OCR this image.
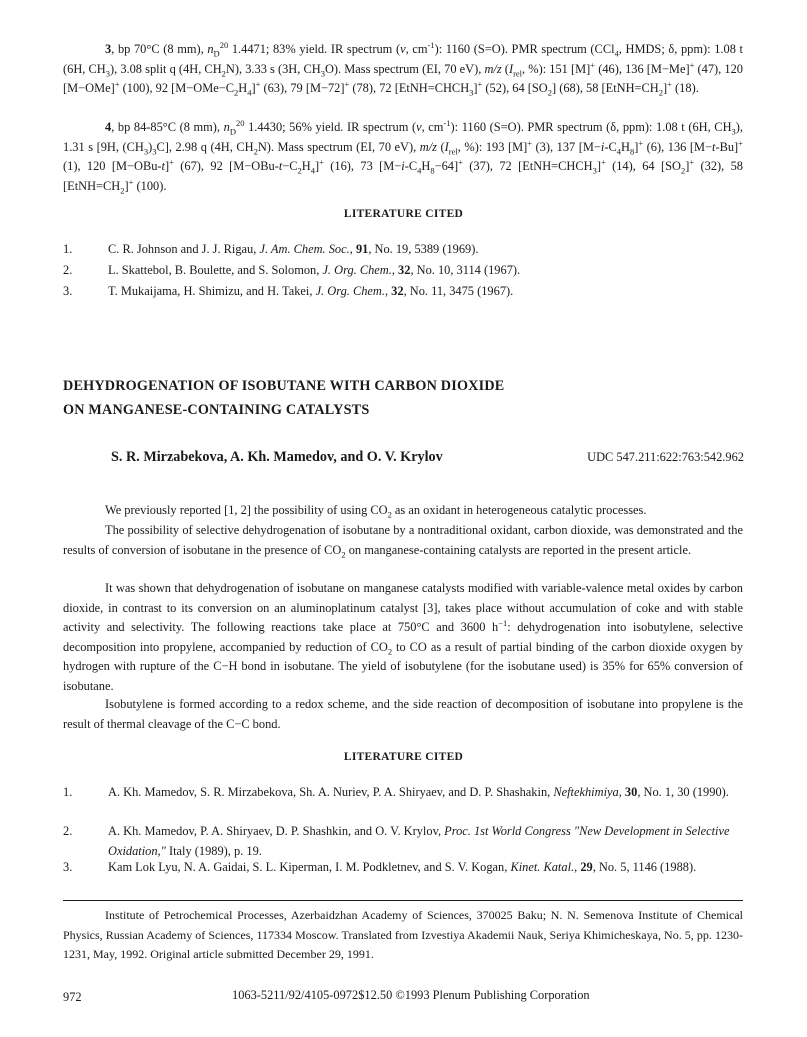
3, bp 70°C (8 mm), $n_D^{20}$ 1.4471; 83% yield. IR spectrum (ν, $cm^{-1}$): 1160 (S=O). PMR spectrum (CCl$_4$, HMDS; δ, ppm): 1.08 t (6H, $CH_3$), 3.08 split q (4H, $CH_2N$), 3.33 s (3H, $CH_3O$). Mass spectrum (EI, 70 eV), m/z ($I_{rel}$, %): 151 [M]+ (46), 136 [M−Me]+ (47), 120 [M−OMe]+ (100), 92 $[M-OMe-C_2H_4]^+$ (63), 79 [M−72]+ (78), 72 $[EtNH=CHCH_3]^+$ (52), 64 $[SO_2]$ (68), 58 $[EtNH=CH_2]^+$ (18).

4, bp 84-85°C (8 mm), $n_D^{20}$ 1.4430; 56% yield. IR spectrum (ν, $cm^{-1}$): 1160 (S=O). PMR spectrum (δ, ppm): 1.08 t (6H, $CH_3$), 1.31 s [9H, $(CH_3)_3C$], 2.98 q (4H, $CH_2N$). Mass spectrum (EI, 70 eV), m/z ($I_{rel}$, %): 193 [M]+ (3), 137 $[M-i-C_4H_8]^+$ (6), 136 [M−t-Bu]+ (1), 120 [M−OBu-t]+ (67), 92 $[M-OBu-t-C_2H_4]^+$ (16), 73 $[M-i-C_4H_8-64]^+$ (37), 72 $[EtNH=CHCH_3]^+$ (14), 64 $[SO_2]^+$ (32), 58 $[EtNH=CH_2]^+$ (100).

LITERATURE CITED
1.	C. R. Johnson and J. J. Rigau, J. Am. Chem. Soc., 91, No. 19, 5389 (1969).
2.	L. Skattebol, B. Boulette, and S. Solomon, J. Org. Chem., 32, No. 10, 3114 (1967).
3.	T. Mukaijama, H. Shimizu, and H. Takei, J. Org. Chem., 32, No. 11, 3475 (1967).
DEHYDROGENATION OF ISOBUTANE WITH CARBON DIOXIDE
ON MANGANESE-CONTAINING CATALYSTS
S. R. Mirzabekova, A. Kh. Mamedov, and O. V. Krylov	UDC 547.211:622:763:542.962

We previously reported [1, 2] the possibility of using $CO_2$ as an oxidant in heterogeneous catalytic processes.

The possibility of selective dehydrogenation of isobutane by a nontraditional oxidant, carbon dioxide, was demonstrated and the results of conversion of isobutane in the presence of $CO_2$ on manganese-containing catalysts are reported in the present article.

It was shown that dehydrogenation of isobutane on manganese catalysts modified with variable-valence metal oxides by carbon dioxide, in contrast to its conversion on an aluminoplatinum catalyst [3], takes place without accumulation of coke and with stable activity and selectivity. The following reactions take place at 750°C and 3600 $h^{-1}$: dehydrogenation into isobutylene, selective decomposition into propylene, accompanied by reduction of $CO_2$ to CO as a result of partial binding of the carbon dioxide oxygen by hydrogen with rupture of the C−H bond in isobutane. The yield of isobutylene (for the isobutane used) is 35% for 65% conversion of isobutane.

Isobutylene is formed according to a redox scheme, and the side reaction of decomposition of isobutane into propylene is the result of thermal cleavage of the C−C bond.

LITERATURE CITED
1.	A. Kh. Mamedov, S. R. Mirzabekova, Sh. A. Nuriev, P. A. Shiryaev, and D. P. Shashakin, Neftekhimiya, 30, No. 1, 30 (1990).
2.	A. Kh. Mamedov, P. A. Shiryaev, D. P. Shashkin, and O. V. Krylov, Proc. 1st World Congress "New Development in Selective Oxidation," Italy (1989), p. 19.
3.	Kam Lok Lyu, N. A. Gaidai, S. L. Kiperman, I. M. Podkletnev, and S. V. Kogan, Kinet. Katal., 29, No. 5, 1146 (1988).

Institute of Petrochemical Processes, Azerbaidzhan Academy of Sciences, 370025 Baku; N. N. Semenova Institute of Chemical Physics, Russian Academy of Sciences, 117334 Moscow. Translated from Izvestiya Akademii Nauk, Seriya Khimicheskaya, No. 5, pp. 1230-1231, May, 1992. Original article submitted December 29, 1991.

972	1063-5211/92/4105-0972$12.50 ©1993 Plenum Publishing Corporation
